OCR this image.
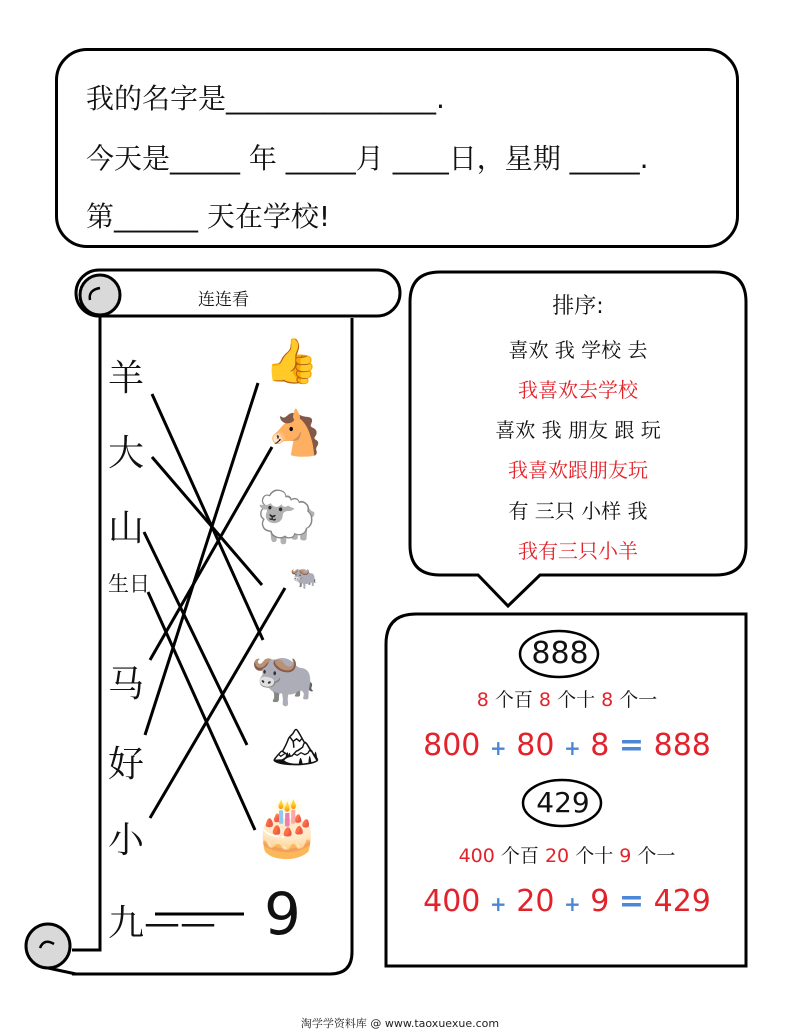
我的名字是_______________.
今天是_____ 年 _____月 ____日，星期 _____.
第______ 天在学校!
连连看
羊
大
山
生日
马
好
小
九—— 9
👍
🐴
🐑
🐃
🐃
🏔
🎂
排序:
喜欢 我 学校 去
我喜欢去学校
喜欢 我 朋友 跟 玩
我喜欢跟朋友玩
有 三只 小样 我
我有三只小羊
888
8 个百 8 个十 8 个一
800 + 80 + 8 = 888
429
400 个百 20 个十 9 个一
400 + 20 + 9 = 429
淘学学资料库 @ www.taoxuexue.com
